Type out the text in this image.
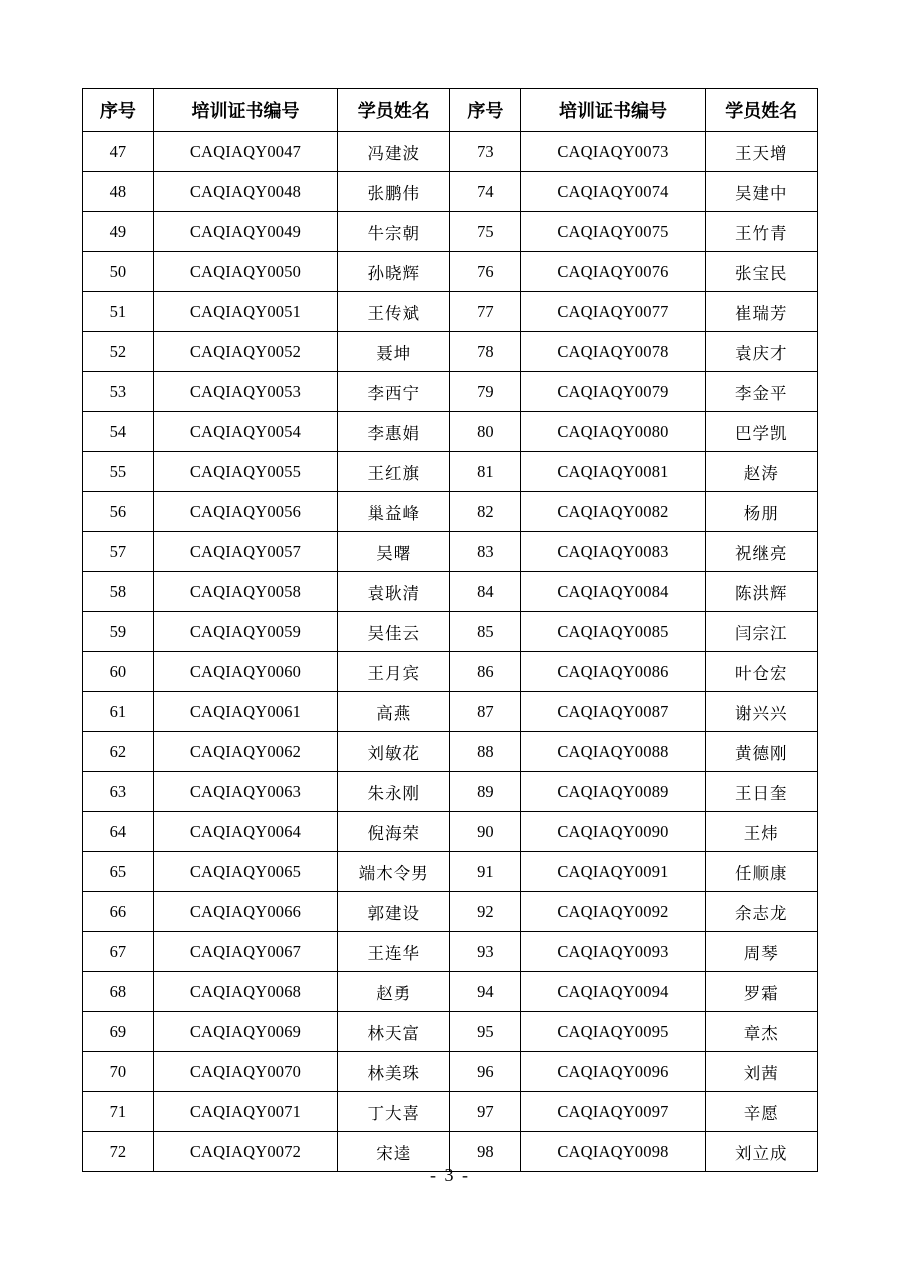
序号	培训证书编号	学员姓名	序号	培训证书编号	学员姓名
47	CAQIAQY0047	冯建波	73	CAQIAQY0073	王天增
48	CAQIAQY0048	张鹏伟	74	CAQIAQY0074	吴建中
49	CAQIAQY0049	牛宗朝	75	CAQIAQY0075	王竹青
50	CAQIAQY0050	孙晓辉	76	CAQIAQY0076	张宝民
51	CAQIAQY0051	王传斌	77	CAQIAQY0077	崔瑞芳
52	CAQIAQY0052	聂坤	78	CAQIAQY0078	袁庆才
53	CAQIAQY0053	李西宁	79	CAQIAQY0079	李金平
54	CAQIAQY0054	李惠娟	80	CAQIAQY0080	巴学凯
55	CAQIAQY0055	王红旗	81	CAQIAQY0081	赵涛
56	CAQIAQY0056	巢益峰	82	CAQIAQY0082	杨朋
57	CAQIAQY0057	吴曙	83	CAQIAQY0083	祝继亮
58	CAQIAQY0058	袁耿清	84	CAQIAQY0084	陈洪辉
59	CAQIAQY0059	吴佳云	85	CAQIAQY0085	闫宗江
60	CAQIAQY0060	王月宾	86	CAQIAQY0086	叶仓宏
61	CAQIAQY0061	高燕	87	CAQIAQY0087	谢兴兴
62	CAQIAQY0062	刘敏花	88	CAQIAQY0088	黄德刚
63	CAQIAQY0063	朱永刚	89	CAQIAQY0089	王日奎
64	CAQIAQY0064	倪海荣	90	CAQIAQY0090	王炜
65	CAQIAQY0065	端木令男	91	CAQIAQY0091	任顺康
66	CAQIAQY0066	郭建设	92	CAQIAQY0092	余志龙
67	CAQIAQY0067	王连华	93	CAQIAQY0093	周琴
68	CAQIAQY0068	赵勇	94	CAQIAQY0094	罗霜
69	CAQIAQY0069	林天富	95	CAQIAQY0095	章杰
70	CAQIAQY0070	林美珠	96	CAQIAQY0096	刘茜
71	CAQIAQY0071	丁大喜	97	CAQIAQY0097	辛愿
72	CAQIAQY0072	宋逵	98	CAQIAQY0098	刘立成
- 3 -
